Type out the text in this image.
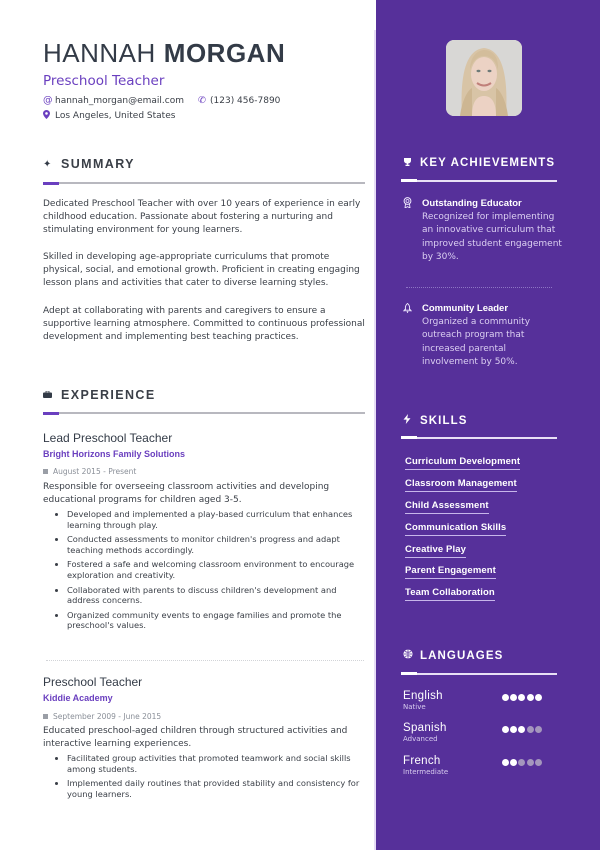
HANNAH MORGAN
Preschool Teacher
@ hannah_morgan@email.com ✆ (123) 456-7890
Los Angeles, United States
✦ SUMMARY
Dedicated Preschool Teacher with over 10 years of experience in early childhood education. Passionate about fostering a nurturing and stimulating environment for young learners.
Skilled in developing age-appropriate curriculums that promote physical, social, and emotional growth. Proficient in creating engaging lesson plans and activities that cater to diverse learning styles.
Adept at collaborating with parents and caregivers to ensure a supportive learning atmosphere. Committed to continuous professional development and implementing best teaching practices.
EXPERIENCE
Lead Preschool Teacher
Bright Horizons Family Solutions
August 2015 - Present
Responsible for overseeing classroom activities and developing educational programs for children aged 3-5.
Developed and implemented a play-based curriculum that enhances learning through play.
Conducted assessments to monitor children's progress and adapt teaching methods accordingly.
Fostered a safe and welcoming classroom environment to encourage exploration and creativity.
Collaborated with parents to discuss children's development and address concerns.
Organized community events to engage families and promote the preschool's values.
Preschool Teacher
Kiddie Academy
September 2009 - June 2015
Educated preschool-aged children through structured activities and interactive learning experiences.
Facilitated group activities that promoted teamwork and social skills among students.
Implemented daily routines that provided stability and consistency for young learners.
KEY ACHIEVEMENTS
Outstanding Educator
Recognized for implementing an innovative curriculum that improved student engagement by 30%.
Community Leader
Organized a community outreach program that increased parental involvement by 50%.
SKILLS
Curriculum Development
Classroom Management
Child Assessment
Communication Skills
Creative Play
Parent Engagement
Team Collaboration
LANGUAGES
English
Native
Spanish
Advanced
French
Intermediate
